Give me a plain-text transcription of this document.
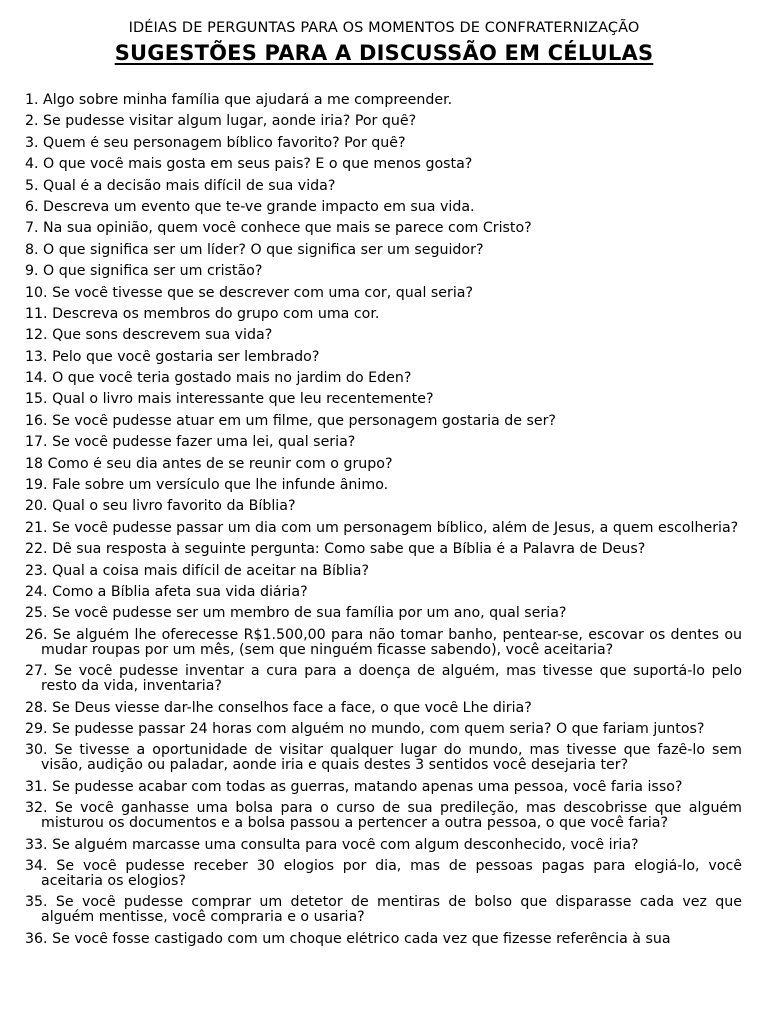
IDÉIAS DE PERGUNTAS PARA OS MOMENTOS DE CONFRATERNIZAÇÃO
SUGESTÕES PARA A DISCUSSÃO EM CÉLULAS
1. Algo sobre minha família que ajudará a me compreender.
2. Se pudesse visitar algum lugar, aonde iria? Por quê?
3. Quem é seu personagem bíblico favorito? Por quê?
4. O que você mais gosta em seus pais? E o que menos gosta?
5. Qual é a decisão mais difícil de sua vida?
6. Descreva um evento que te-ve grande impacto em sua vida.
7. Na sua opinião, quem você conhece que mais se parece com Cristo?
8. O que significa ser um líder? O que significa ser um seguidor?
9. O que significa ser um cristão?
10. Se você tivesse que se descrever com uma cor, qual seria?
11. Descreva os membros do grupo com uma cor.
12. Que sons descrevem sua vida?
13. Pelo que você gostaria ser lembrado?
14. O que você teria gostado mais no jardim do Éden?
15. Qual o livro mais interessante que leu recentemente?
16. Se você pudesse atuar em um filme, que personagem gostaria de ser?
17. Se você pudesse fazer uma lei, qual seria?
18 Como é seu dia antes de se reunir com o grupo?
19. Fale sobre um versículo que lhe infunde ânimo.
20. Qual o seu livro favorito da Bíblia?
21. Se você pudesse passar um dia com um personagem bíblico, além de Jesus, a quem escolheria?
22. Dê sua resposta à seguinte pergunta: Como sabe que a Bíblia é a Palavra de Deus?
23. Qual a coisa mais difícil de aceitar na Bíblia?
24. Como a Bíblia afeta sua vida diária?
25. Se você pudesse ser um membro de sua família por um ano, qual seria?
26. Se alguém lhe oferecesse R$1.500,00 para não tomar banho, pentear-se, escovar os dentes ou mudar roupas por um mês, (sem que ninguém ficasse sabendo), você aceitaria?
27. Se você pudesse inventar a cura para a doença de alguém, mas tivesse que suportá-lo pelo resto da vida, inventaria?
28. Se Deus viesse dar-lhe conselhos face a face, o que você Lhe diria?
29. Se pudesse passar 24 horas com alguém no mundo, com quem seria? O que fariam juntos?
30. Se tivesse a oportunidade de visitar qualquer lugar do mundo, mas tivesse que fazê-lo sem visão, audição ou paladar, aonde iria e quais destes 3 sentidos você desejaria ter?
31. Se pudesse acabar com todas as guerras, matando apenas uma pessoa, você faria isso?
32. Se você ganhasse uma bolsa para o curso de sua predileção, mas descobrisse que alguém misturou os documentos e a bolsa passou a pertencer a outra pessoa, o que você faria?
33. Se alguém marcasse uma consulta para você com algum desconhecido, você iria?
34. Se você pudesse receber 30 elogios por dia, mas de pessoas pagas para elogiá-lo, você aceitaria os elogios?
35. Se você pudesse comprar um detetor de mentiras de bolso que disparasse cada vez que alguém mentisse, você compraria e o usaria?
36. Se você fosse castigado com um choque elétrico cada vez que fizesse referência à sua
